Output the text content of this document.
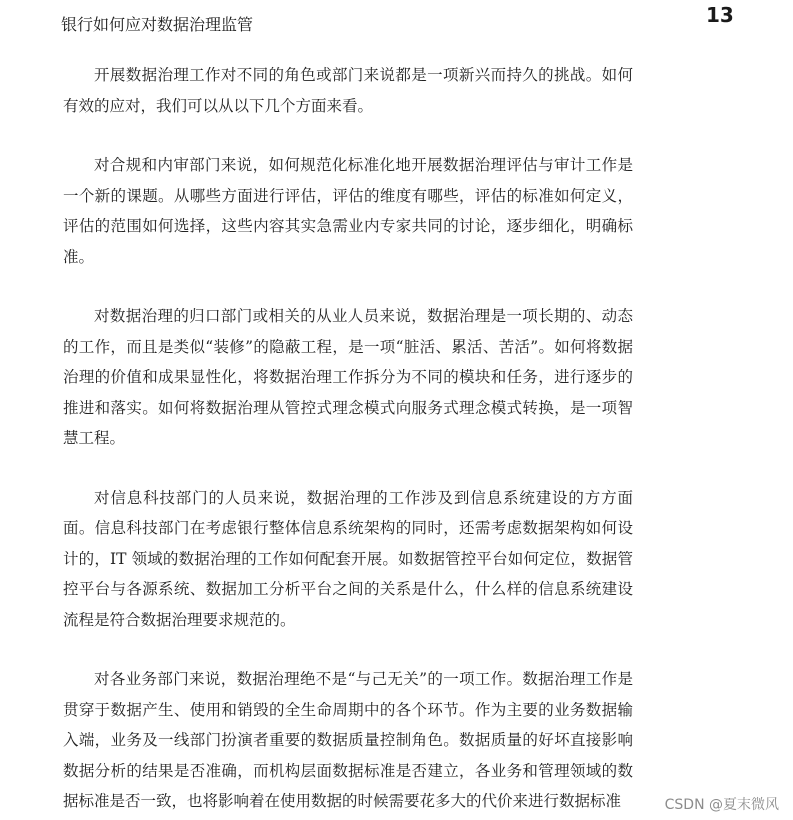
银行如何应对数据治理监管	13

开展数据治理工作对不同的角色或部门来说都是一项新兴而持久的挑战。如何有效的应对，我们可以从以下几个方面来看。

对合规和内审部门来说，如何规范化标准化地开展数据治理评估与审计工作是一个新的课题。从哪些方面进行评估，评估的维度有哪些，评估的标准如何定义，评估的范围如何选择，这些内容其实急需业内专家共同的讨论，逐步细化，明确标准。

对数据治理的归口部门或相关的从业人员来说，数据治理是一项长期的、动态的工作，而且是类似“装修”的隐蔽工程，是一项“脏活、累活、苦活”。如何将数据治理的价值和成果显性化，将数据治理工作拆分为不同的模块和任务，进行逐步的推进和落实。如何将数据治理从管控式理念模式向服务式理念模式转换，是一项智慧工程。

对信息科技部门的人员来说，数据治理的工作涉及到信息系统建设的方方面面。信息科技部门在考虑银行整体信息系统架构的同时，还需考虑数据架构如何设计的，IT 领域的数据治理的工作如何配套开展。如数据管控平台如何定位，数据管控平台与各源系统、数据加工分析平台之间的关系是什么，什么样的信息系统建设流程是符合数据治理要求规范的。

对各业务部门来说，数据治理绝不是“与己无关”的一项工作。数据治理工作是贯穿于数据产生、使用和销毁的全生命周期中的各个环节。作为主要的业务数据输入端，业务及一线部门扮演者重要的数据质量控制角色。数据质量的好坏直接影响数据分析的结果是否准确，而机构层面数据标准是否建立，各业务和管理领域的数据标准是否一致，也将影响着在使用数据的时候需要花多大的代价来进行数据标准	CSDN @夏末微风
